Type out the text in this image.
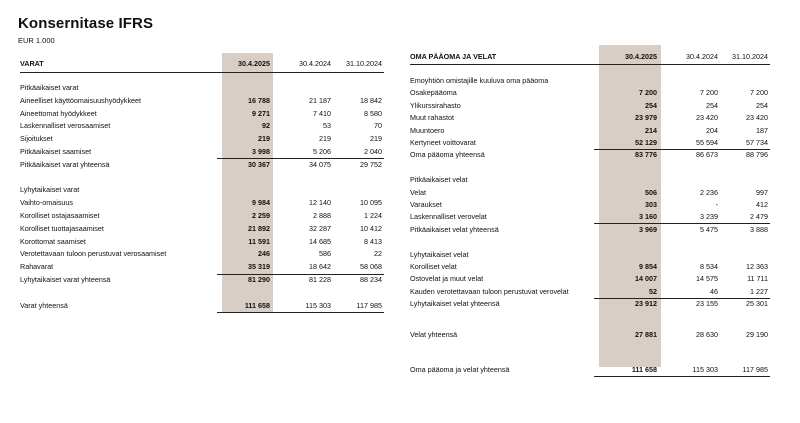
Konsernitase IFRS
EUR 1.000
VARAT	30.4.2025	30.4.2024	31.10.2024
Pitkäaikaiset varat
Aineelliset käyttöomaisuushyödykkeet	16 788	21 187	18 842
Aineettomat hyödykkeet	9 271	7 410	8 580
Laskennalliset verosaamiset	92	53	70
Sijoitukset	219	219	219
Pitkäaikaiset saamiset	3 998	5 206	2 040
Pitkäaikaiset varat yhteensä	30 367	34 075	29 752
Lyhytaikaiset varat
Vaihto-omaisuus	9 984	12 140	10 095
Korolliset ostajasaamiset	2 259	2 888	1 224
Korolliset tuottajasaamiset	21 892	32 287	10 412
Korottomat saamiset	11 591	14 685	8 413
Verotettavaan tuloon perustuvat verosaamiset	246	586	22
Rahavarat	35 319	18 642	58 068
Lyhytaikaiset varat yhteensä	81 290	81 228	88 234
Varat yhteensä	111 658	115 303	117 985
OMA PÄÄOMA JA VELAT	30.4.2025	30.4.2024	31.10.2024
Emoyhtiön omistajille kuuluva oma pääoma
Osakepääoma	7 200	7 200	7 200
Ylikurssirahasto	254	254	254
Muut rahastot	23 979	23 420	23 420
Muuntoero	214	204	187
Kertyneet voittovarat	52 129	55 594	57 734
Oma pääoma yhteensä	83 776	86 673	88 796
Pitkäaikaiset velat
Velat	506	2 236	997
Varaukset	303	-	412
Laskennalliset verovelat	3 160	3 239	2 479
Pitkäaikaiset velat yhteensä	3 969	5 475	3 888
Lyhytaikaiset velat
Korolliset velat	9 854	8 534	12 363
Ostovelat ja muut velat	14 007	14 575	11 711
Kauden verotettavaan tuloon perustuvat verovelat	52	46	1 227
Lyhytaikaiset velat yhteensä	23 912	23 155	25 301
Velat yhteensä	27 881	28 630	29 190
Oma pääoma ja velat yhteensä	111 658	115 303	117 985
